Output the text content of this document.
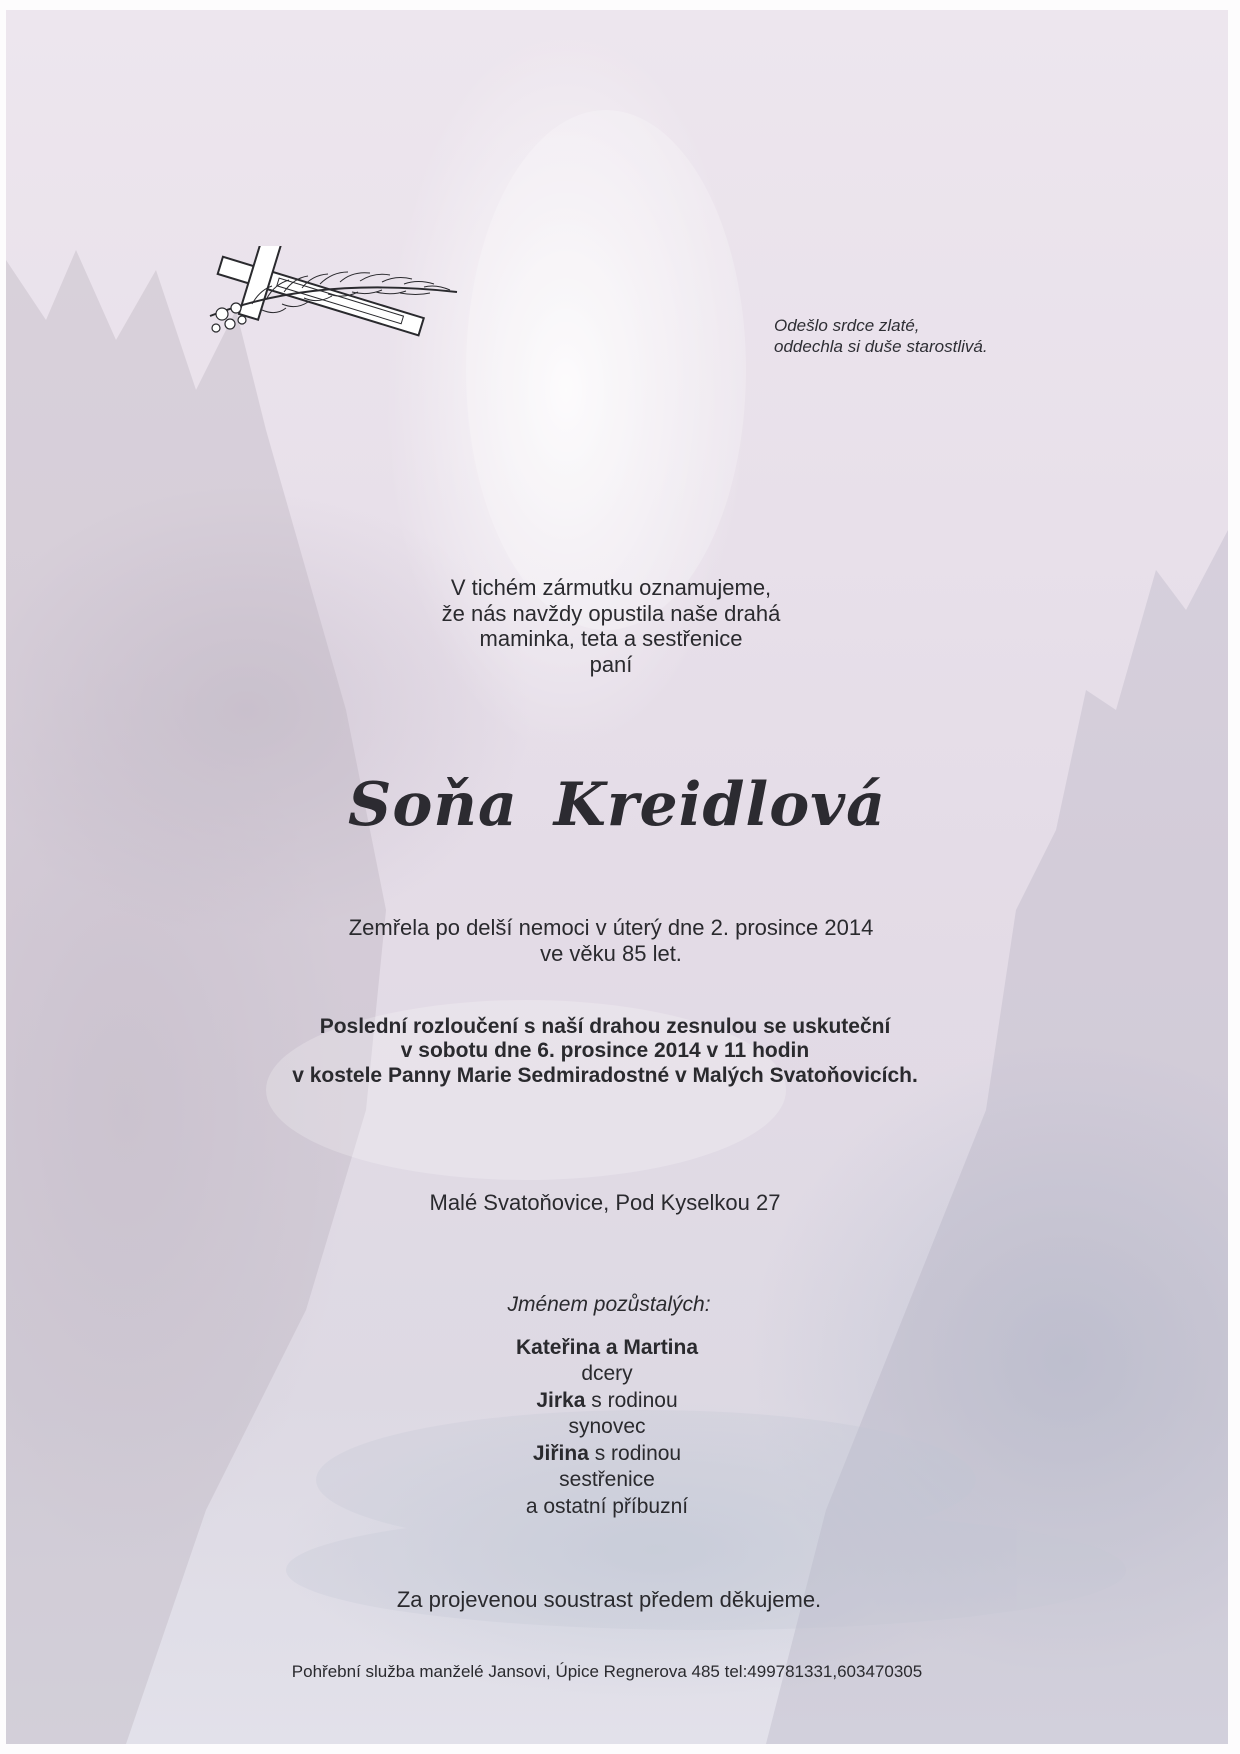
Odešlo srdce zlaté,
oddechla si duše starostlivá.
V tichém zármutku oznamujeme,
že nás navždy opustila naše drahá
maminka, teta a sestřenice
paní
Soňa Kreidlová
Zemřela po delší nemoci v úterý dne 2. prosince 2014
ve věku 85 let.
Poslední rozloučení s naší drahou zesnulou se uskuteční
v sobotu dne 6. prosince 2014 v 11 hodin
v kostele Panny Marie Sedmiradostné v Malých Svatoňovicích.
Malé Svatoňovice, Pod Kyselkou 27
Jménem pozůstalých:
Kateřina a Martina
dcery
Jirka s rodinou
synovec
Jiřina s rodinou
sestřenice
a ostatní příbuzní
Za projevenou soustrast předem děkujeme.
Pohřební služba manželé Jansovi, Úpice Regnerova 485 tel:499781331,603470305
